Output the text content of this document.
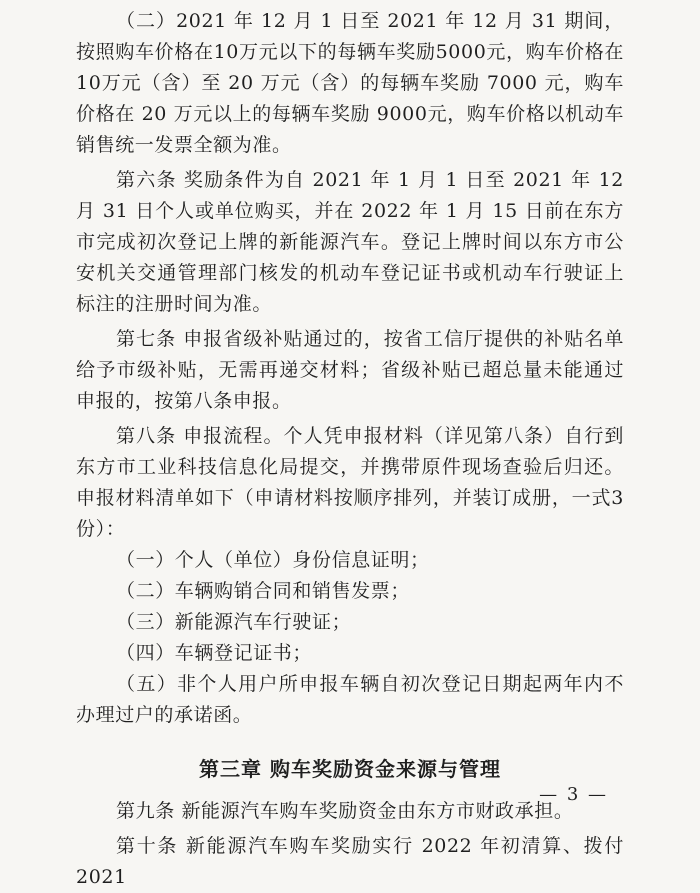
（二）2021 年 12 月 1 日至 2021 年 12 月 31 期间，按照购车价格在10万元以下的每辆车奖励5000元，购车价格在10万元（含）至 20 万元（含）的每辆车奖励 7000 元，购车价格在 20 万元以上的每辆车奖励 9000元，购车价格以机动车销售统一发票全额为准。

第六条 奖励条件为自 2021 年 1 月 1 日至 2021 年 12 月 31 日个人或单位购买，并在 2022 年 1 月 15 日前在东方市完成初次登记上牌的新能源汽车。登记上牌时间以东方市公安机关交通管理部门核发的机动车登记证书或机动车行驶证上标注的注册时间为准。

第七条 申报省级补贴通过的，按省工信厅提供的补贴名单给予市级补贴，无需再递交材料；省级补贴已超总量未能通过申报的，按第八条申报。

第八条 申报流程。个人凭申报材料（详见第八条）自行到东方市工业科技信息化局提交，并携带原件现场查验后归还。申报材料清单如下（申请材料按顺序排列，并装订成册，一式3份）：

（一）个人（单位）身份信息证明；

（二）车辆购销合同和销售发票；

（三）新能源汽车行驶证；

（四）车辆登记证书；

（五）非个人用户所申报车辆自初次登记日期起两年内不办理过户的承诺函。

第三章 购车奖励资金来源与管理

第九条 新能源汽车购车奖励资金由东方市财政承担。

第十条 新能源汽车购车奖励实行 2022 年初清算、拨付 2021

— 3 —
